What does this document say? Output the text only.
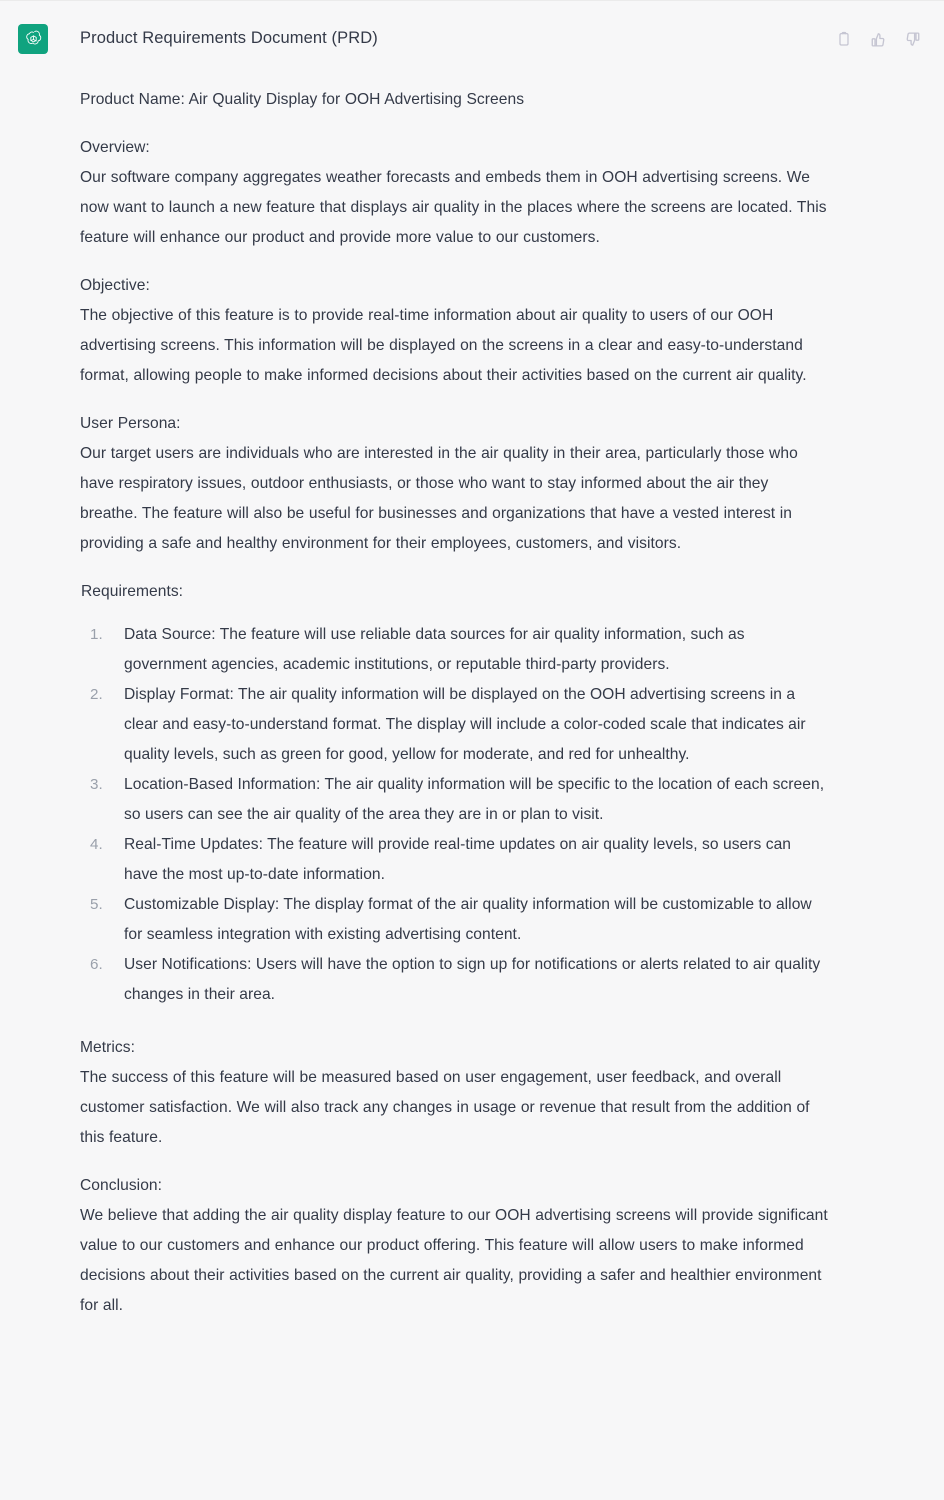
Product Requirements Document (PRD)

Product Name: Air Quality Display for OOH Advertising Screens

Overview:
Our software company aggregates weather forecasts and embeds them in OOH advertising screens. We now want to launch a new feature that displays air quality in the places where the screens are located. This feature will enhance our product and provide more value to our customers.

Objective:
The objective of this feature is to provide real-time information about air quality to users of our OOH advertising screens. This information will be displayed on the screens in a clear and easy-to-understand format, allowing people to make informed decisions about their activities based on the current air quality.

User Persona:
Our target users are individuals who are interested in the air quality in their area, particularly those who have respiratory issues, outdoor enthusiasts, or those who want to stay informed about the air they breathe. The feature will also be useful for businesses and organizations that have a vested interest in providing a safe and healthy environment for their employees, customers, and visitors.

Requirements:

Data Source: The feature will use reliable data sources for air quality information, such as government agencies, academic institutions, or reputable third-party providers.
Display Format: The air quality information will be displayed on the OOH advertising screens in a clear and easy-to-understand format. The display will include a color-coded scale that indicates air quality levels, such as green for good, yellow for moderate, and red for unhealthy.
Location-Based Information: The air quality information will be specific to the location of each screen, so users can see the air quality of the area they are in or plan to visit.
Real-Time Updates: The feature will provide real-time updates on air quality levels, so users can have the most up-to-date information.
Customizable Display: The display format of the air quality information will be customizable to allow for seamless integration with existing advertising content.
User Notifications: Users will have the option to sign up for notifications or alerts related to air quality changes in their area.

Metrics:
The success of this feature will be measured based on user engagement, user feedback, and overall customer satisfaction. We will also track any changes in usage or revenue that result from the addition of this feature.

Conclusion:
We believe that adding the air quality display feature to our OOH advertising screens will provide significant value to our customers and enhance our product offering. This feature will allow users to make informed decisions about their activities based on the current air quality, providing a safer and healthier environment for all.
